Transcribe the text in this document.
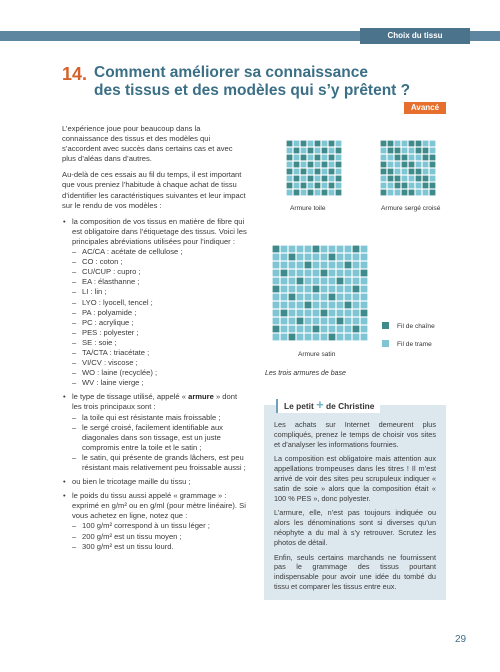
Choix du tissu
14. Comment améliorer sa connaissance
des tissus et des modèles qui s’y prêtent ?
Avancé

L’expérience joue pour beaucoup dans la connaissance des tissus et des modèles qui s’accordent avec succès dans certains cas et avec plus d’aléas dans d’autres.

Au-delà de ces essais au fil du temps, il est important que vous preniez l’habitude à chaque achat de tissu d’identifier les caractéristiques suivantes et leur impact sur le rendu de vos modèles :

• la composition de vos tissus en matière de fibre qui est obligatoire dans l’étiquetage des tissus. Voici les principales abréviations utilisées pour l’indiquer :
– AC/CA : acétate de cellulose ;
– CO : coton ;
– CU/CUP : cupro ;
– EA : élasthanne ;
– LI : lin ;
– LYO : lyocell, tencel ;
– PA : polyamide ;
– PC : acrylique ;
– PES : polyester ;
– SE : soie ;
– TA/CTA : triacétate ;
– VI/CV : viscose ;
– WO : laine (recyclée) ;
– WV : laine vierge ;
• le type de tissage utilisé, appelé « armure » dont les trois principaux sont :
– la toile qui est résistante mais froissable ;
– le sergé croisé, facilement identifiable aux diagonales dans son tissage, est un juste compromis entre la toile et le satin ;
– le satin, qui présente de grands lâchers, est peu résistant mais relativement peu froissable aussi ;
• ou bien le tricotage maille du tissu ;
• le poids du tissu aussi appelé « grammage » : exprimé en g/m² ou en g/ml (pour mètre linéaire). Si vous achetez en ligne, notez que :
– 100 g/m² correspond à un tissu léger ;
– 200 g/m² est un tissu moyen ;
– 300 g/m² est un tissu lourd.
Armure toile	Armure sergé croisé
Armure satin
Fil de chaîne
Fil de trame
Les trois armures de base
Le petit + de Christine

Les achats sur Internet demeurent plus compliqués, prenez le temps de choisir vos sites et d’analyser les informations fournies.

La composition est obligatoire mais attention aux appellations trompeuses dans les titres ! Il m’est arrivé de voir des sites peu scrupuleux indiquer « satin de soie » alors que la composition était « 100 % PES », donc polyester.

L’armure, elle, n’est pas toujours indiquée ou alors les dénominations sont si diverses qu’un néophyte a du mal à s’y retrouver. Scrutez les photos de détail.

Enfin, seuls certains marchands ne fournissent pas le grammage des tissus pourtant indispensable pour avoir une idée du tombé du tissu et comparer les tissus entre eux.

29
